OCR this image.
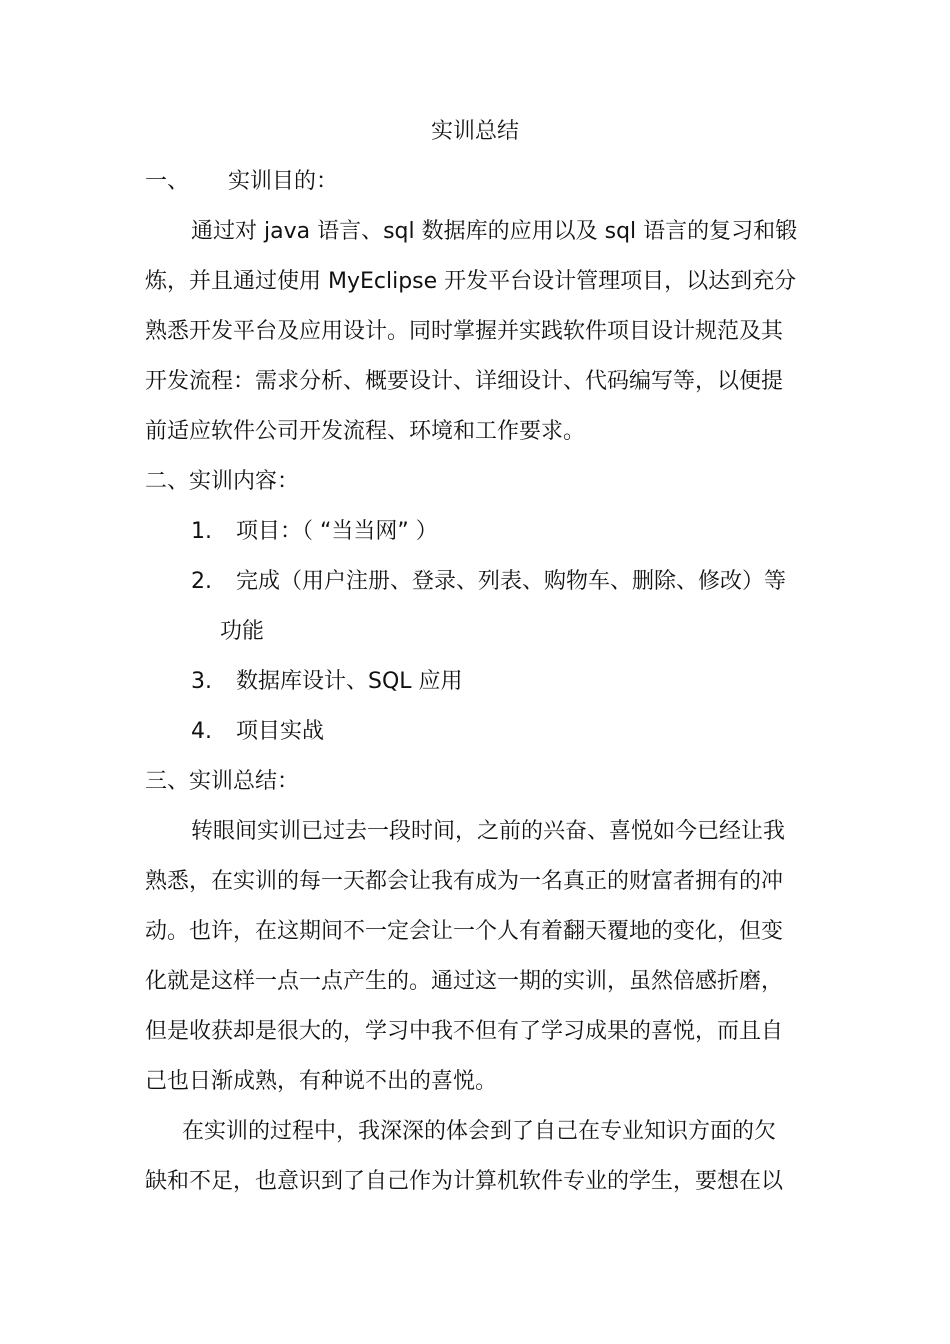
实训总结
一、 实训目的：
通过对 java 语言、sql 数据库的应用以及 sql 语言的复习和锻
炼，并且通过使用 MyEclipse 开发平台设计管理项目，以达到充分
熟悉开发平台及应用设计。同时掌握并实践软件项目设计规范及其
开发流程：需求分析、概要设计、详细设计、代码编写等，以便提
前适应软件公司开发流程、环境和工作要求。
二、实训内容：
1. 项目：（ “当当网” ）
2. 完成（用户注册、登录、列表、购物车、删除、修改）等
功能
3. 数据库设计、SQL 应用
4. 项目实战
三、实训总结：
转眼间实训已过去一段时间，之前的兴奋、喜悦如今已经让我
熟悉，在实训的每一天都会让我有成为一名真正的财富者拥有的冲
动。也许，在这期间不一定会让一个人有着翻天覆地的变化，但变
化就是这样一点一点产生的。通过这一期的实训，虽然倍感折磨，
但是收获却是很大的，学习中我不但有了学习成果的喜悦，而且自
己也日渐成熟，有种说不出的喜悦。
在实训的过程中，我深深的体会到了自己在专业知识方面的欠
缺和不足，也意识到了自己作为计算机软件专业的学生，要想在以
